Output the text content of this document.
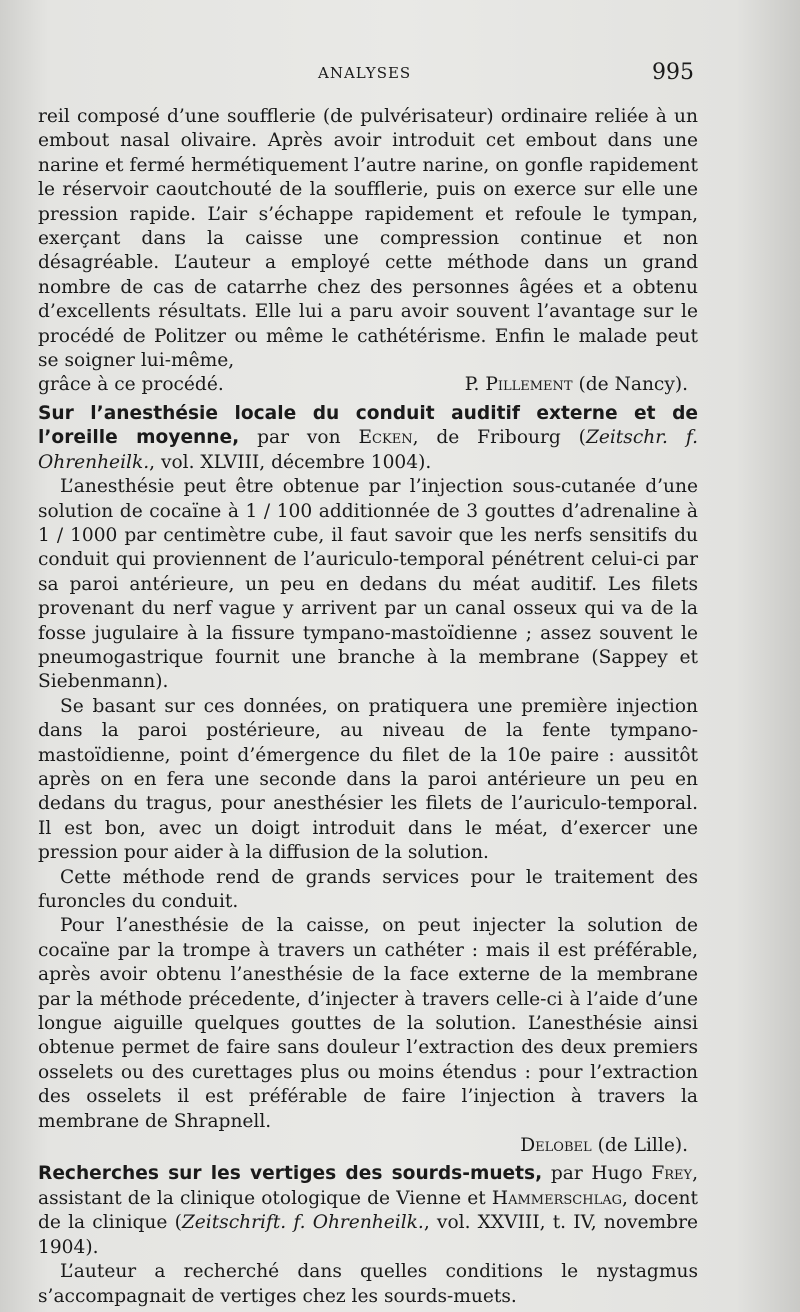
ANALYSES	995

reil composé d’une soufflerie (de pulvérisateur) ordinaire reliée à un embout nasal olivaire. Après avoir introduit cet embout dans une narine et fermé hermétiquement l’autre narine, on gonfle rapidement le réservoir caoutchouté de la soufflerie, puis on exerce sur elle une pression rapide. L’air s’échappe rapidement et refoule le tympan, exerçant dans la caisse une compression continue et non désagréable. L’auteur a employé cette méthode dans un grand nombre de cas de catarrhe chez des personnes âgées et a obtenu d’excellents résultats. Elle lui a paru avoir souvent l’avantage sur le procédé de Politzer ou même le cathétérisme. Enfin le malade peut se soigner lui-même,

grâce à ce procédé.	P. Pillement (de Nancy).

Sur l’anesthésie locale du conduit auditif externe et de l’oreille moyenne, par von Ecken, de Fribourg (Zeitschr. f. Ohrenheilk., vol. XLVIII, décembre 1004).

L’anesthésie peut être obtenue par l’injection sous-cutanée d’une solution de cocaïne à 1 / 100 additionnée de 3 gouttes d’adrenaline à 1 / 1000 par centimètre cube, il faut savoir que les nerfs sensitifs du conduit qui proviennent de l’auriculo-temporal pénétrent celui-ci par sa paroi antérieure, un peu en dedans du méat auditif. Les filets provenant du nerf vague y arrivent par un canal osseux qui va de la fosse jugulaire à la fissure tympano-mastoïdienne ; assez souvent le pneumogastrique fournit une branche à la membrane (Sappey et Siebenmann).

Se basant sur ces données, on pratiquera une première injection dans la paroi postérieure, au niveau de la fente tympano-mastoïdienne, point d’émergence du filet de la 10e paire : aussitôt après on en fera une seconde dans la paroi antérieure un peu en dedans du tragus, pour anesthésier les filets de l’auriculo-temporal. Il est bon, avec un doigt introduit dans le méat, d’exercer une pression pour aider à la diffusion de la solution.

Cette méthode rend de grands services pour le traitement des furoncles du conduit.

Pour l’anesthésie de la caisse, on peut injecter la solution de cocaïne par la trompe à travers un cathéter : mais il est préférable, après avoir obtenu l’anesthésie de la face externe de la membrane par la méthode précedente, d’injecter à travers celle-ci à l’aide d’une longue aiguille quelques gouttes de la solution. L’anesthésie ainsi obtenue permet de faire sans douleur l’extraction des deux premiers osselets ou des curettages plus ou moins étendus : pour l’extraction des osselets il est préférable de faire l’injection à travers la membrane de Shrapnell.

Delobel (de Lille).

Recherches sur les vertiges des sourds-muets, par Hugo Frey, assistant de la clinique otologique de Vienne et Hammerschlag, docent de la clinique (Zeitschrift. f. Ohrenheilk., vol. XXVIII, t. IV, novembre 1904).

L’auteur a recherché dans quelles conditions le nystagmus s’accompagnait de vertiges chez les sourds-muets.
